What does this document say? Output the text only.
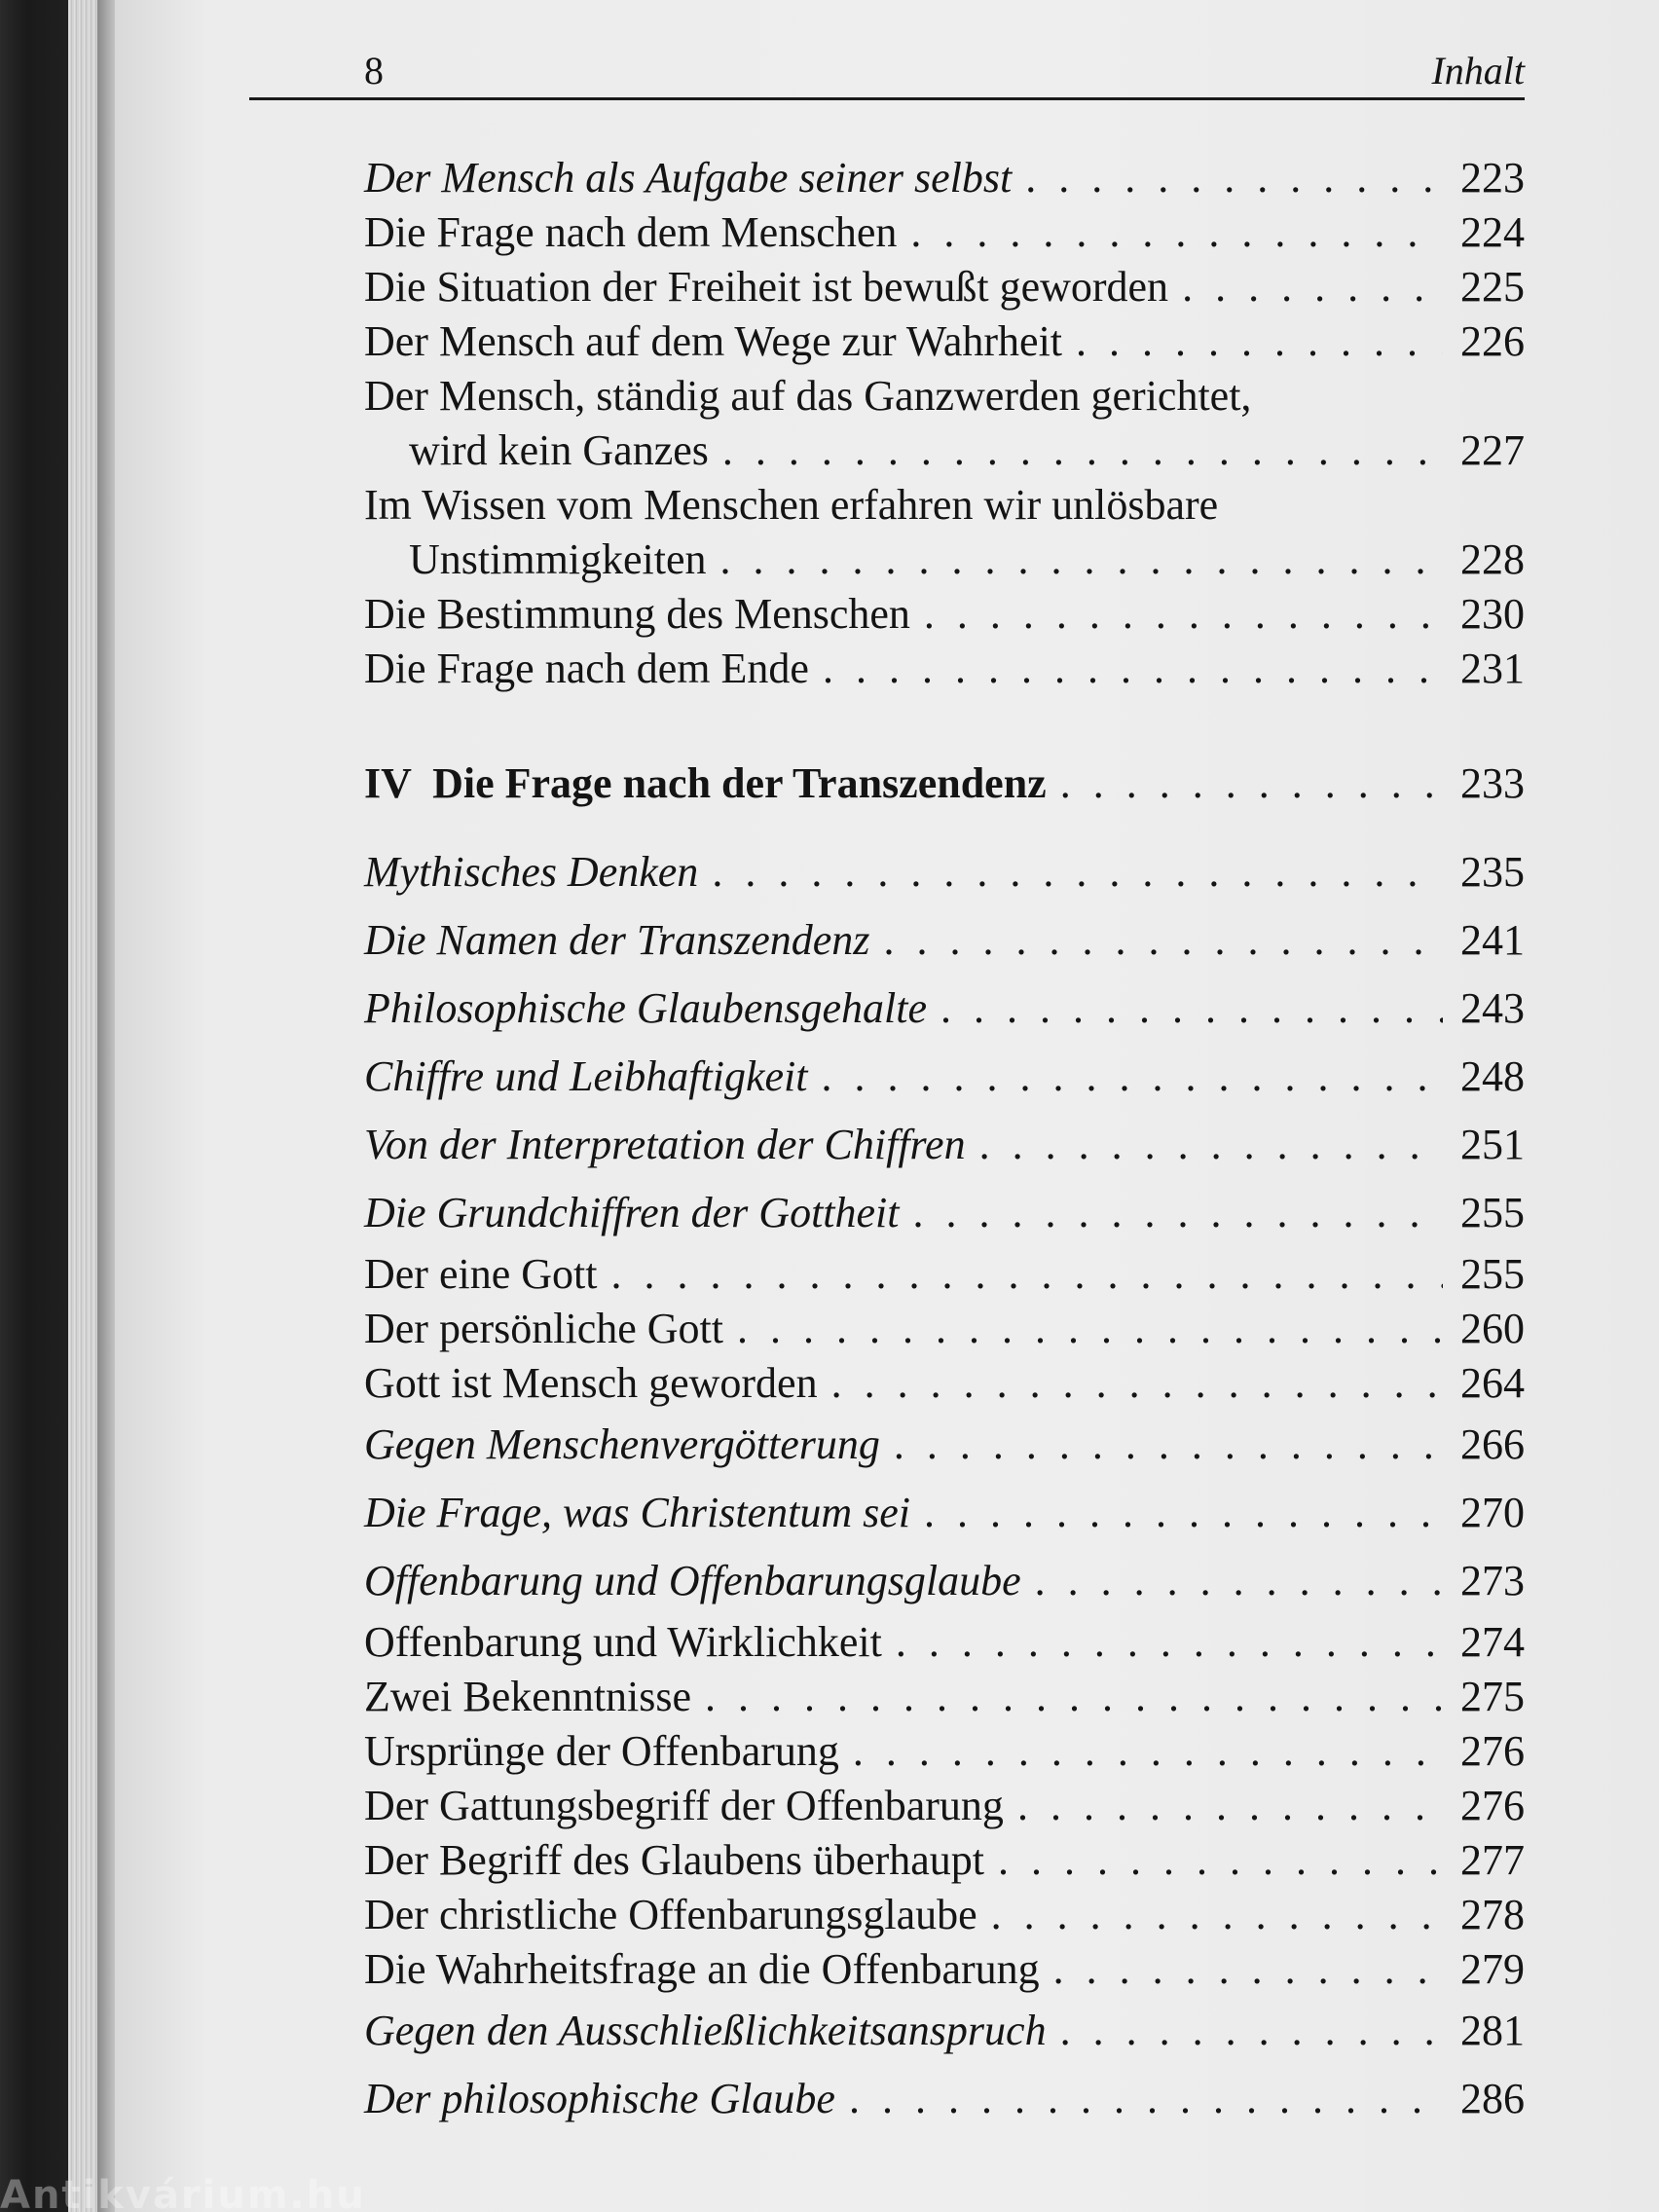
8	Inhalt
Der Mensch als Aufgabe seiner selbst . . .	223
Die Frage nach dem Menschen . . .	224
Die Situation der Freiheit ist bewußt geworden . . .	225
Der Mensch auf dem Wege zur Wahrheit . . .	226
Der Mensch, ständig auf das Ganzwerden gerichtet,
wird kein Ganzes . . .	227
Im Wissen vom Menschen erfahren wir unlösbare
Unstimmigkeiten . . .	228
Die Bestimmung des Menschen . . .	230
Die Frage nach dem Ende . . .	231
IV  Die Frage nach der Transzendenz . . .	233
Mythisches Denken . . .	235
Die Namen der Transzendenz . . .	241
Philosophische Glaubensgehalte . . .	243
Chiffre und Leibhaftigkeit . . .	248
Von der Interpretation der Chiffren . . .	251
Die Grundchiffren der Gottheit . . .	255
Der eine Gott . . .	255
Der persönliche Gott . . .	260
Gott ist Mensch geworden . . .	264
Gegen Menschenvergötterung . . .	266
Die Frage, was Christentum sei . . .	270
Offenbarung und Offenbarungsglaube . . .	273
Offenbarung und Wirklichkeit . . .	274
Zwei Bekenntnisse . . .	275
Ursprünge der Offenbarung . . .	276
Der Gattungsbegriff der Offenbarung . . .	276
Der Begriff des Glaubens überhaupt . . .	277
Der christliche Offenbarungsglaube . . .	278
Die Wahrheitsfrage an die Offenbarung . . .	279
Gegen den Ausschließlichkeitsanspruch . . .	281
Der philosophische Glaube . . .	286
Antikvárium.hu
